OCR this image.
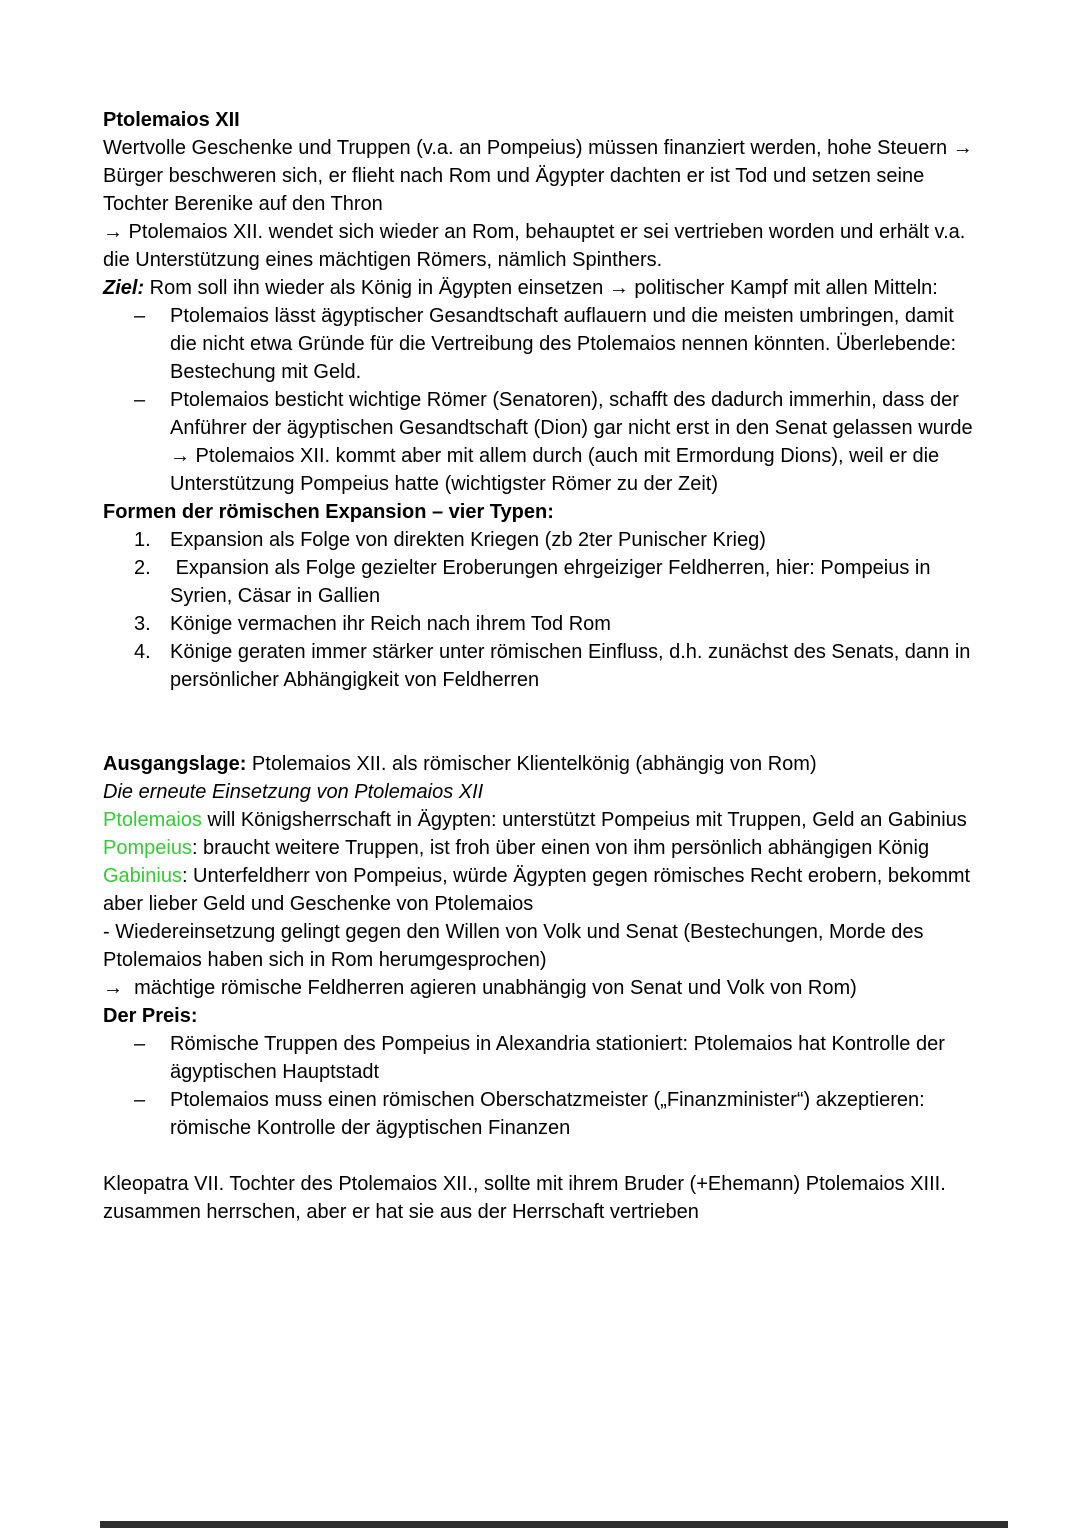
Ptolemaios XII
Wertvolle Geschenke und Truppen (v.a. an Pompeius) müssen finanziert werden, hohe Steuern →  Bürger beschweren sich, er flieht nach Rom und Ägypter dachten er ist Tod und setzen seine Tochter Berenike auf den Thron
→ Ptolemaios XII. wendet sich wieder an Rom, behauptet er sei vertrieben worden und erhält v.a. die Unterstützung eines mächtigen Römers, nämlich Spinthers.
Ziel: Rom soll ihn wieder als König in Ägypten einsetzen → politischer Kampf mit allen Mitteln:
–	Ptolemaios lässt ägyptischer Gesandtschaft auflauern und die meisten umbringen, damit die nicht etwa Gründe für die Vertreibung des Ptolemaios nennen könnten. Überlebende: Bestechung mit Geld.
–	Ptolemaios besticht wichtige Römer (Senatoren), schafft des dadurch immerhin, dass der Anführer der ägyptischen Gesandtschaft (Dion) gar nicht erst in den Senat gelassen wurde
→ Ptolemaios XII. kommt aber mit allem durch (auch mit Ermordung Dions), weil er die Unterstützung Pompeius hatte (wichtigster Römer zu der Zeit)
Formen der römischen Expansion – vier Typen:
1. Expansion als Folge von direkten Kriegen (zb 2ter Punischer Krieg)
2. Expansion als Folge gezielter Eroberungen ehrgeiziger Feldherren, hier: Pompeius in Syrien, Cäsar in Gallien
3. Könige vermachen ihr Reich nach ihrem Tod Rom
4. Könige geraten immer stärker unter römischen Einfluss, d.h. zunächst des Senats, dann in persönlicher Abhängigkeit von Feldherren
Ausgangslage: Ptolemaios XII. als römischer Klientelkönig (abhängig von Rom)
Die erneute Einsetzung von Ptolemaios XII
Ptolemaios will Königsherrschaft in Ägypten: unterstützt Pompeius mit Truppen, Geld an Gabinius
Pompeius: braucht weitere Truppen, ist froh über einen von ihm persönlich abhängigen König
Gabinius: Unterfeldherr von Pompeius, würde Ägypten gegen römisches Recht erobern, bekommt aber lieber Geld und Geschenke von Ptolemaios
- Wiedereinsetzung gelingt gegen den Willen von Volk und Senat (Bestechungen, Morde des Ptolemaios haben sich in Rom herumgesprochen)
→  mächtige römische Feldherren agieren unabhängig von Senat und Volk von Rom)
Der Preis:
–	Römische Truppen des Pompeius in Alexandria stationiert: Ptolemaios hat Kontrolle der ägyptischen Hauptstadt
–	Ptolemaios muss einen römischen Oberschatzmeister („Finanzminister“) akzeptieren: römische Kontrolle der ägyptischen Finanzen
Kleopatra VII. Tochter des Ptolemaios XII., sollte mit ihrem Bruder (+Ehemann) Ptolemaios XIII. zusammen herrschen, aber er hat sie aus der Herrschaft vertrieben
